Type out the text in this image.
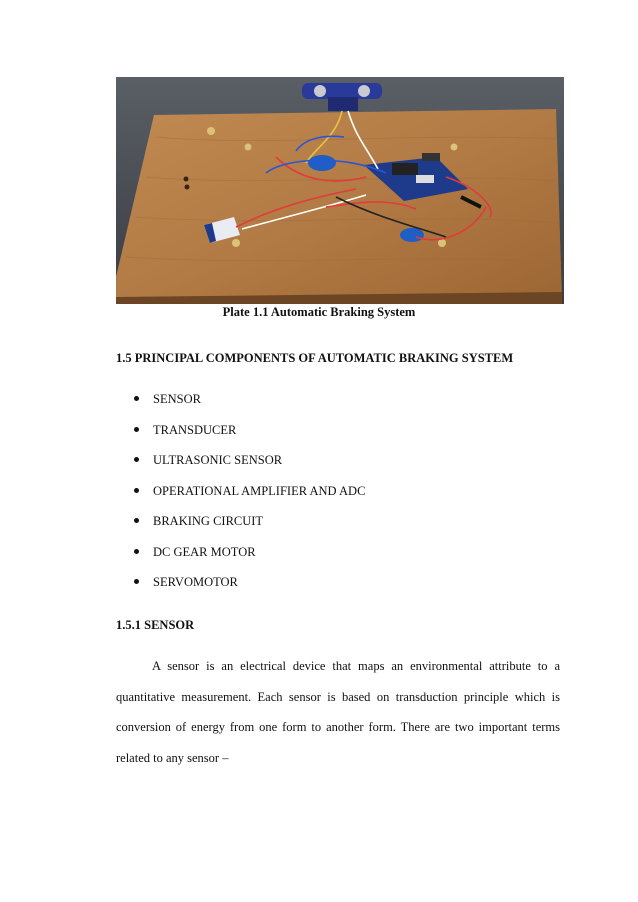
Plate 1.1 Automatic Braking System
1.5 PRINCIPAL COMPONENTS OF AUTOMATIC BRAKING SYSTEM
SENSOR
TRANSDUCER
ULTRASONIC SENSOR
OPERATIONAL AMPLIFIER AND ADC
BRAKING CIRCUIT
DC GEAR MOTOR
SERVOMOTOR
1.5.1 SENSOR

A sensor is an electrical device that maps an environmental attribute to a quantitative measurement. Each sensor is based on transduction principle which is conversion of energy from one form to another form. There are two important terms related to any sensor –
